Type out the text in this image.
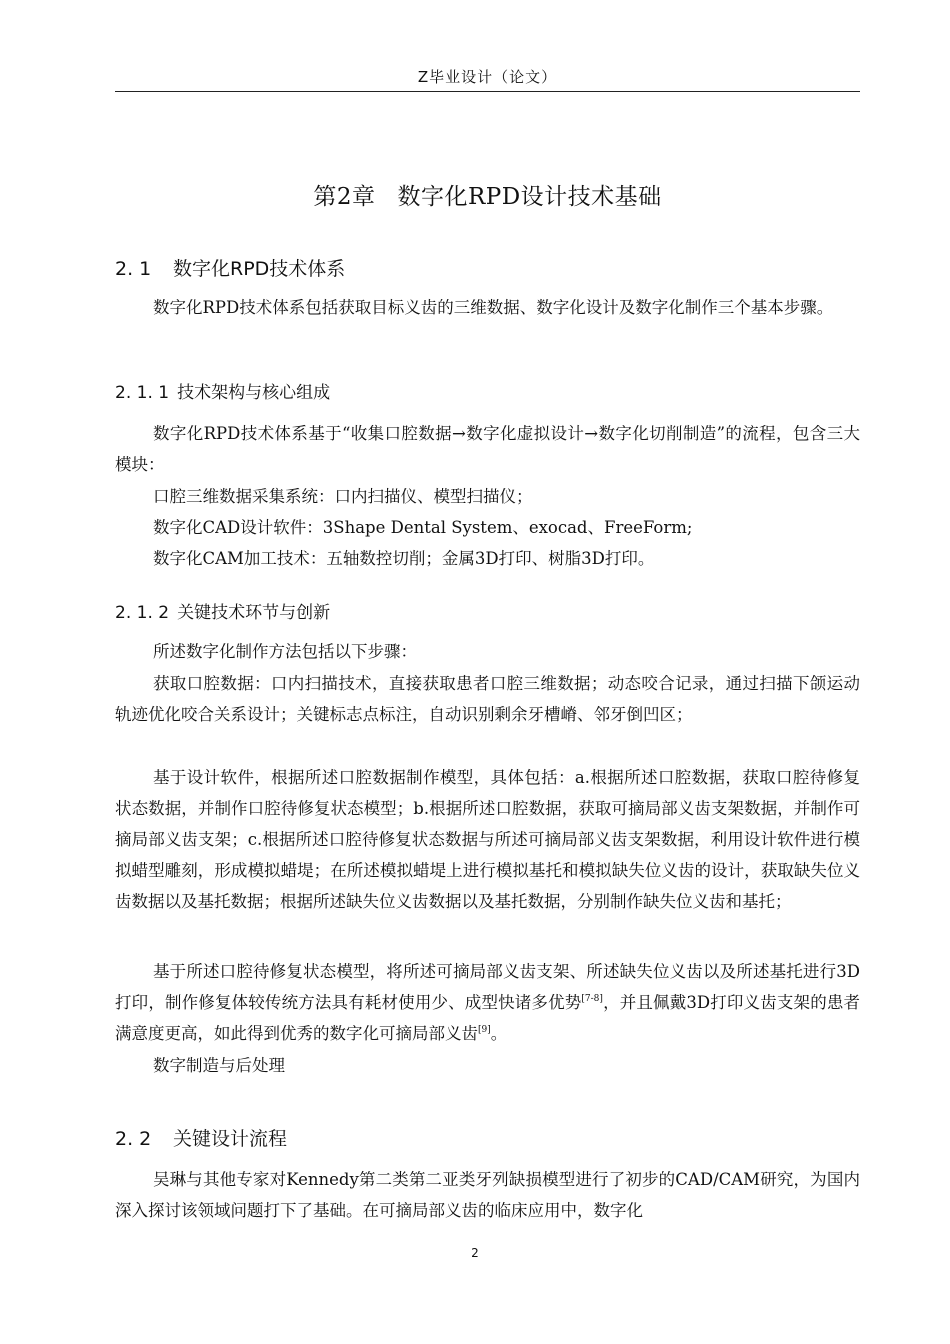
Z毕业设计（论文）
第2章 数字化RPD设计技术基础
2. 1 数字化RPD技术体系
数字化RPD技术体系包括获取目标义齿的三维数据、数字化设计及数字化制作三个基本步骤。
2. 1. 1 技术架构与核心组成
数字化RPD技术体系基于“收集口腔数据→数字化虚拟设计→数字化切削制造”的流程，包含三大模块：
口腔三维数据采集系统：口内扫描仪、模型扫描仪；
数字化CAD设计软件：3Shape Dental System、exocad、FreeForm;
数字化CAM加工技术：五轴数控切削；金属3D打印、树脂3D打印。
2. 1. 2 关键技术环节与创新
所述数字化制作方法包括以下步骤：
获取口腔数据：口内扫描技术，直接获取患者口腔三维数据；动态咬合记录，通过扫描下颌运动轨迹优化咬合关系设计；关键标志点标注，自动识别剩余牙槽嵴、邻牙倒凹区；
基于设计软件，根据所述口腔数据制作模型，具体包括：a.根据所述口腔数据，获取口腔待修复状态数据，并制作口腔待修复状态模型；b.根据所述口腔数据，获取可摘局部义齿支架数据，并制作可摘局部义齿支架；c.根据所述口腔待修复状态数据与所述可摘局部义齿支架数据，利用设计软件进行模拟蜡型雕刻，形成模拟蜡堤；在所述模拟蜡堤上进行模拟基托和模拟缺失位义齿的设计，获取缺失位义齿数据以及基托数据；根据所述缺失位义齿数据以及基托数据，分别制作缺失位义齿和基托；
基于所述口腔待修复状态模型，将所述可摘局部义齿支架、所述缺失位义齿以及所述基托进行3D打印，制作修复体较传统方法具有耗材使用少、成型快诸多优势[7-8]，并且佩戴3D打印义齿支架的患者满意度更高，如此得到优秀的数字化可摘局部义齿[9]。
数字制造与后处理
2. 2 关键设计流程
吴琳与其他专家对Kennedy第二类第二亚类牙列缺损模型进行了初步的CAD/CAM研究，为国内深入探讨该领域问题打下了基础。在可摘局部义齿的临床应用中，数字化
2
